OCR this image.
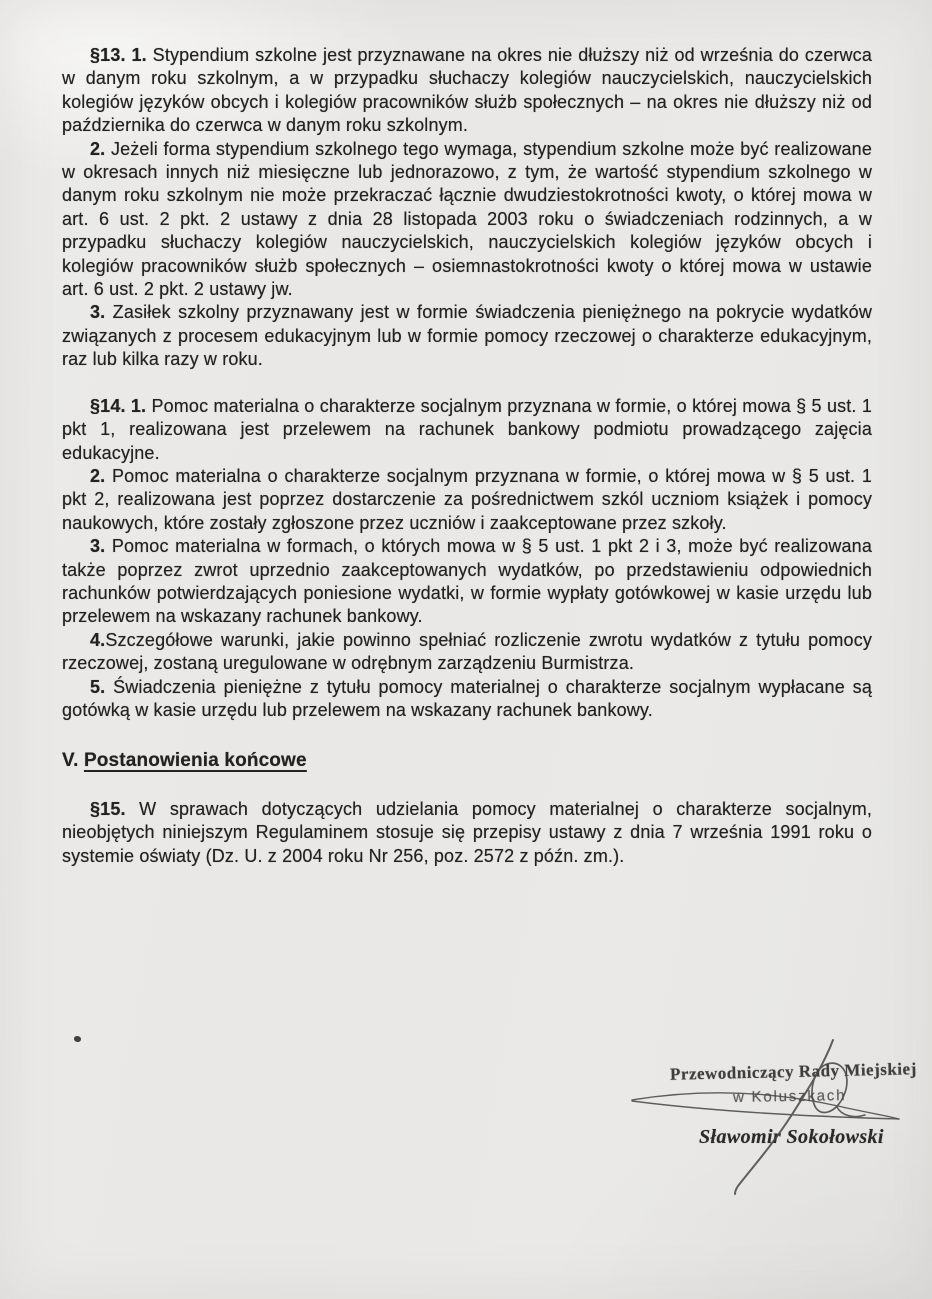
§13. 1. Stypendium szkolne jest przyznawane na okres nie dłuższy niż od września do czerwca w danym roku szkolnym, a w przypadku słuchaczy kolegiów nauczycielskich, nauczycielskich kolegiów języków obcych i kolegiów pracowników służb społecznych – na okres nie dłuższy niż od października do czerwca w danym roku szkolnym.

2. Jeżeli forma stypendium szkolnego tego wymaga, stypendium szkolne może być realizowane w okresach innych niż miesięczne lub jednorazowo, z tym, że wartość stypendium szkolnego w danym roku szkolnym nie może przekraczać łącznie dwudziestokrotności kwoty, o której mowa w art. 6 ust. 2 pkt. 2 ustawy z dnia 28 listopada 2003 roku o świadczeniach rodzinnych, a w przypadku słuchaczy kolegiów nauczycielskich, nauczycielskich kolegiów języków obcych i kolegiów pracowników służb społecznych – osiemnastokrotności kwoty o której mowa w ustawie art. 6 ust. 2 pkt. 2 ustawy jw.

3. Zasiłek szkolny przyznawany jest w formie świadczenia pieniężnego na pokrycie wydatków związanych z procesem edukacyjnym lub w formie pomocy rzeczowej o charakterze edukacyjnym, raz lub kilka razy w roku.

§14. 1. Pomoc materialna o charakterze socjalnym przyznana w formie, o której mowa § 5 ust. 1 pkt 1, realizowana jest przelewem na rachunek bankowy podmiotu prowadzącego zajęcia edukacyjne.

2. Pomoc materialna o charakterze socjalnym przyznana w formie, o której mowa w § 5 ust. 1 pkt 2, realizowana jest poprzez dostarczenie za pośrednictwem szkól uczniom książek i pomocy naukowych, które zostały zgłoszone przez uczniów i zaakceptowane przez szkoły.

3. Pomoc materialna w formach, o których mowa w § 5 ust. 1 pkt 2 i 3, może być realizowana także poprzez zwrot uprzednio zaakceptowanych wydatków, po przedstawieniu odpowiednich rachunków potwierdzających poniesione wydatki, w formie wypłaty gotówkowej w kasie urzędu lub przelewem na wskazany rachunek bankowy.

4.Szczegółowe warunki, jakie powinno spełniać rozliczenie zwrotu wydatków z tytułu pomocy rzeczowej, zostaną uregulowane w odrębnym zarządzeniu Burmistrza.

5. Świadczenia pieniężne z tytułu pomocy materialnej o charakterze socjalnym wypłacane są gotówką w kasie urzędu lub przelewem na wskazany rachunek bankowy.

V. Postanowienia końcowe

§15. W sprawach dotyczących udzielania pomocy materialnej o charakterze socjalnym, nieobjętych niniejszym Regulaminem stosuje się przepisy ustawy z dnia 7 września 1991 roku o systemie oświaty (Dz. U. z 2004 roku Nr 256, poz. 2572 z późn. zm.).

Przewodniczący Rady Miejskiej
w Koluszkach
Sławomir Sokołowski
